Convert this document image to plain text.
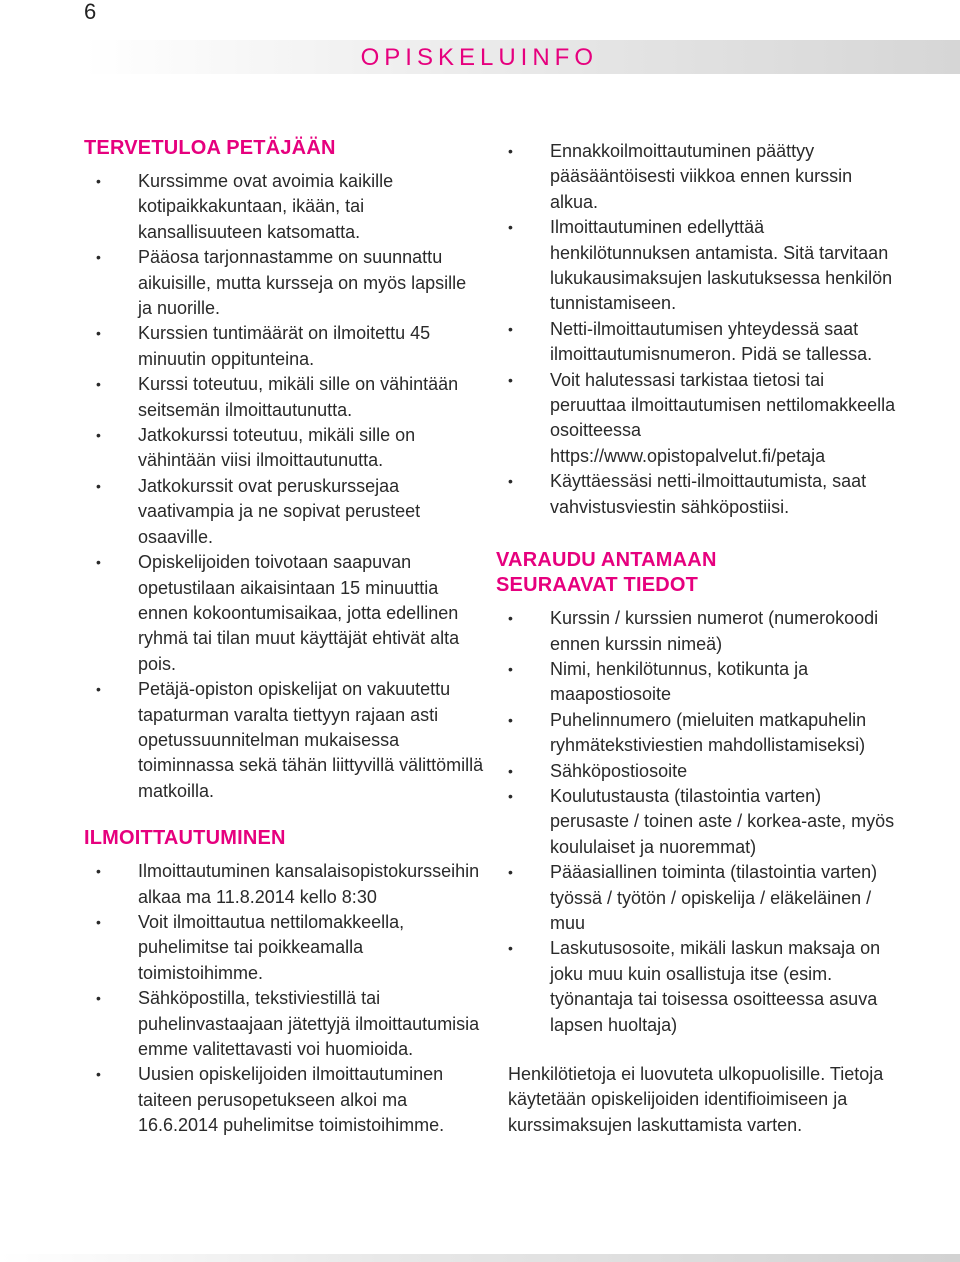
6
OPISKELUINFO
TERVETULOA PETÄJÄÄN
• Kurssimme ovat avoimia kaikille kotipaikkakuntaan, ikään, tai kansallisuuteen katsomatta.
• Pääosa tarjonnastamme on suunnattu aikuisille, mutta kursseja on myös lapsille ja nuorille.
• Kurssien tuntimäärät on ilmoitettu 45 minuutin oppitunteina.
• Kurssi toteutuu, mikäli sille on vähintään seitsemän ilmoittautunutta.
• Jatkokurssi toteutuu, mikäli sille on vähintään viisi ilmoittautunutta.
• Jatkokurssit ovat peruskurssejaa vaativampia ja ne sopivat perusteet osaaville.
• Opiskelijoiden toivotaan saapuvan opetustilaan aikaisintaan 15 minuuttia ennen kokoontumisaikaa, jotta edellinen ryhmä tai tilan muut käyttäjät ehtivät alta pois.
• Petäjä-opiston opiskelijat on vakuutettu tapaturman varalta tiettyyn rajaan asti opetussuunnitelman mukaisessa toiminnassa sekä tähän liittyvillä välittömillä matkoilla.
ILMOITTAUTUMINEN
• Ilmoittautuminen kansalaisopistokursseihin alkaa ma 11.8.2014 kello 8:30
• Voit ilmoittautua nettilomakkeella, puhelimitse tai poikkeamalla toimistoihimme.
• Sähköpostilla, tekstiviestillä tai puhelinvastaajaan jätettyjä ilmoittautumisia emme valitettavasti voi huomioida.
• Uusien opiskelijoiden ilmoittautuminen taiteen perusopetukseen alkoi ma 16.6.2014 puhelimitse toimistoihimme.
• Ennakkoilmoittautuminen päättyy pääsääntöisesti viikkoa ennen kurssin alkua.
• Ilmoittautuminen edellyttää henkilötunnuksen antamista. Sitä tarvitaan lukukausimaksujen laskutuksessa henkilön tunnistamiseen.
• Netti-ilmoittautumisen yhteydessä saat ilmoittautumisnumeron. Pidä se tallessa.
• Voit halutessasi tarkistaa tietosi tai peruuttaa ilmoittautumisen nettilomakkeella osoitteessa https://www.opistopalvelut.fi/petaja
• Käyttäessäsi netti-ilmoittautumista, saat vahvistusviestin sähköpostiisi.
VARAUDU ANTAMAAN
SEURAAVAT TIEDOT
• Kurssin / kurssien numerot (numerokoodi ennen kurssin nimeä)
• Nimi, henkilötunnus, kotikunta ja maapostiosoite
• Puhelinnumero (mieluiten matkapuhelin ryhmätekstiviestien mahdollistamiseksi)
• Sähköpostiosoite
• Koulutustausta (tilastointia varten) perusaste / toinen aste / korkea-aste, myös koululaiset ja nuoremmat)
• Pääasiallinen toiminta (tilastointia varten) työssä / työtön / opiskelija / eläkeläinen / muu
• Laskutusosoite, mikäli laskun maksaja on joku muu kuin osallistuja itse (esim. työnantaja tai toisessa osoitteessa asuva lapsen huoltaja)

Henkilötietoja ei luovuteta ulkopuolisille. Tietoja käytetään opiskelijoiden identifioimiseen ja kurssimaksujen laskuttamista varten.
